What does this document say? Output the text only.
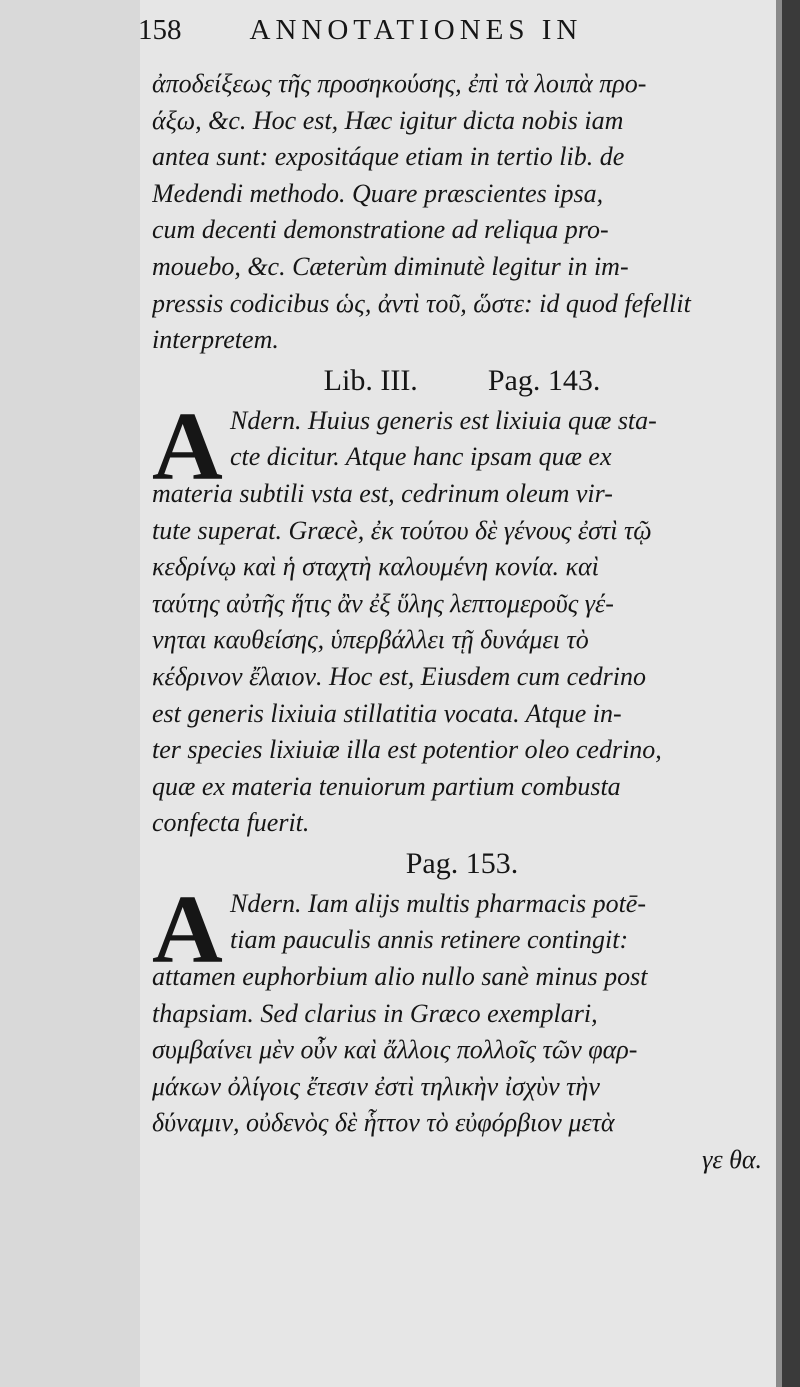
158 ANNOTATIONES IN
ἀποδείξεως τῆς προσηκούσης, ἐπὶ τὰ λοιπὰ προ-
άξω, &c. Hoc est, Hæc igitur dicta nobis iam
antea sunt: expositáque etiam in tertio lib. de
Medendi methodo. Quare præscientes ipsa,
cum decenti demonstratione ad reliqua pro-
mouebo, &c. Cæterùm diminutè legitur in im-
pressis codicibus ὡς, ἀντὶ τοῦ, ὥστε: id quod fefellit
interpretem.
Lib. III. Pag. 143.
A Ndern. Huius generis est lixiuia quæ sta-
cte dicitur. Atque hanc ipsam quæ ex
materia subtili vsta est, cedrinum oleum vir-
tute superat. Græcè, ἐκ τούτου δὲ γένους ἐστὶ τῷ
κεδρίνῳ καὶ ἡ σταχτὴ καλουμένη κονία. καὶ
ταύτης αὐτῆς ἥτις ἂν ἐξ ὕλης λεπτομεροῦς γέ-
νηται καυθείσης, ὑπερβάλλει τῇ δυνάμει τὸ
κέδρινον ἔλαιον. Hoc est, Eiusdem cum cedrino
est generis lixiuia stillatitia vocata. Atque in-
ter species lixiuiæ illa est potentior oleo cedrino,
quæ ex materia tenuiorum partium combusta
confecta fuerit.
Pag. 153.
A Ndern. Iam alijs multis pharmacis potē-
tiam pauculis annis retinere contingit:
attamen euphorbium alio nullo sanè minus post
thapsiam. Sed clarius in Græco exemplari,
συμβαίνει μὲν οὖν καὶ ἄλλοις πολλοῖς τῶν φαρ-
μάκων ὀλίγοις ἔτεσιν ἐστὶ τηλικὴν ἰσχὺν τὴν
δύναμιν, οὐδενὸς δὲ ἧττον τὸ εὐφόρβιον μετὰ
γε θα.
